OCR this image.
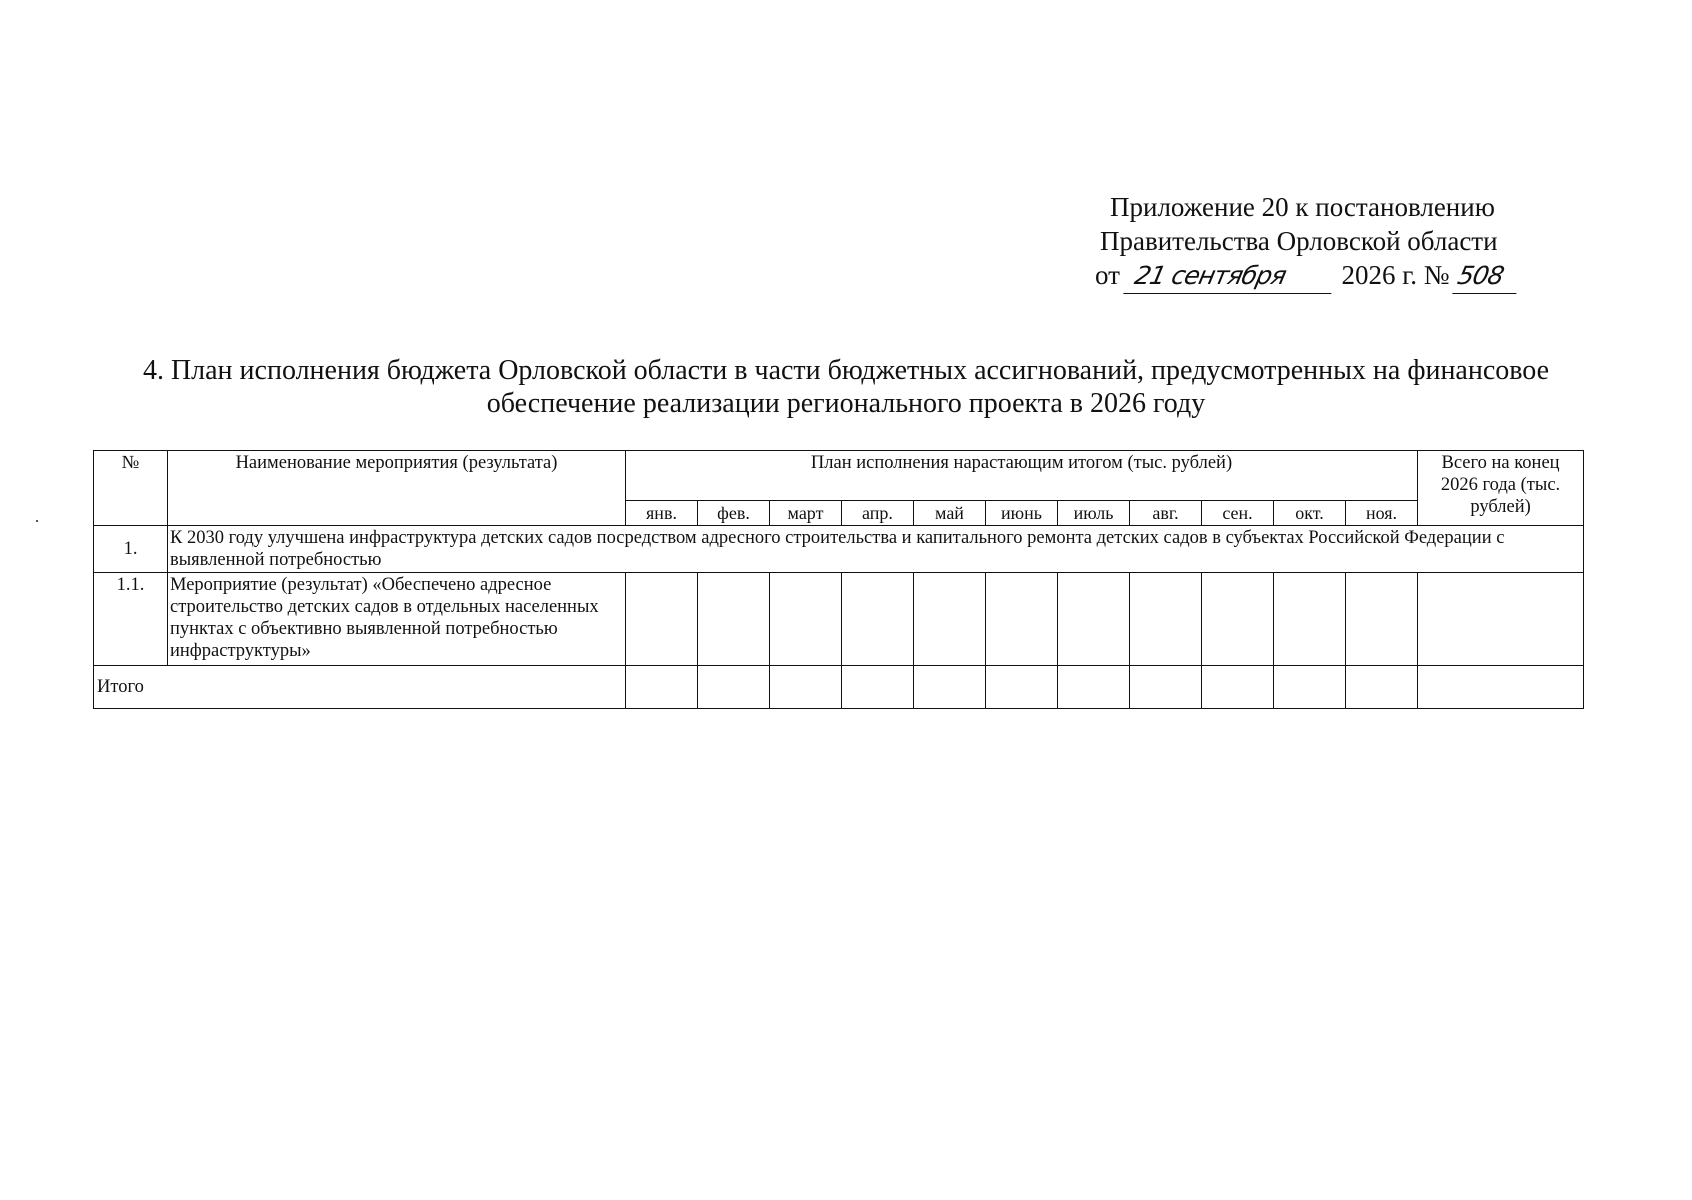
Приложение 20 к постановлению
Правительства Орловской области
от 21 сентября 2026 г. № 508
4. План исполнения бюджета Орловской области в части бюджетных ассигнований, предусмотренных на финансовое
обеспечение реализации регионального проекта в 2026 году
№	Наименование мероприятия (результата)	План исполнения нарастающим итогом (тыс. рублей)											Всего на конец 2026 года (тыс. рублей)
		янв.	фев.	март	апр.	май	июнь	июль	авг.	сен.	окт.	ноя.	
1.	К 2030 году улучшена инфраструктура детских садов посредством адресного строительства и капитального ремонта детских садов в субъектах Российской Федерации с выявленной потребностью												
1.1.	Мероприятие (результат) «Обеспечено адресное строительство детских садов в отдельных населенных пунктах с объективно выявленной потребностью инфраструктуры»												
Итого													
